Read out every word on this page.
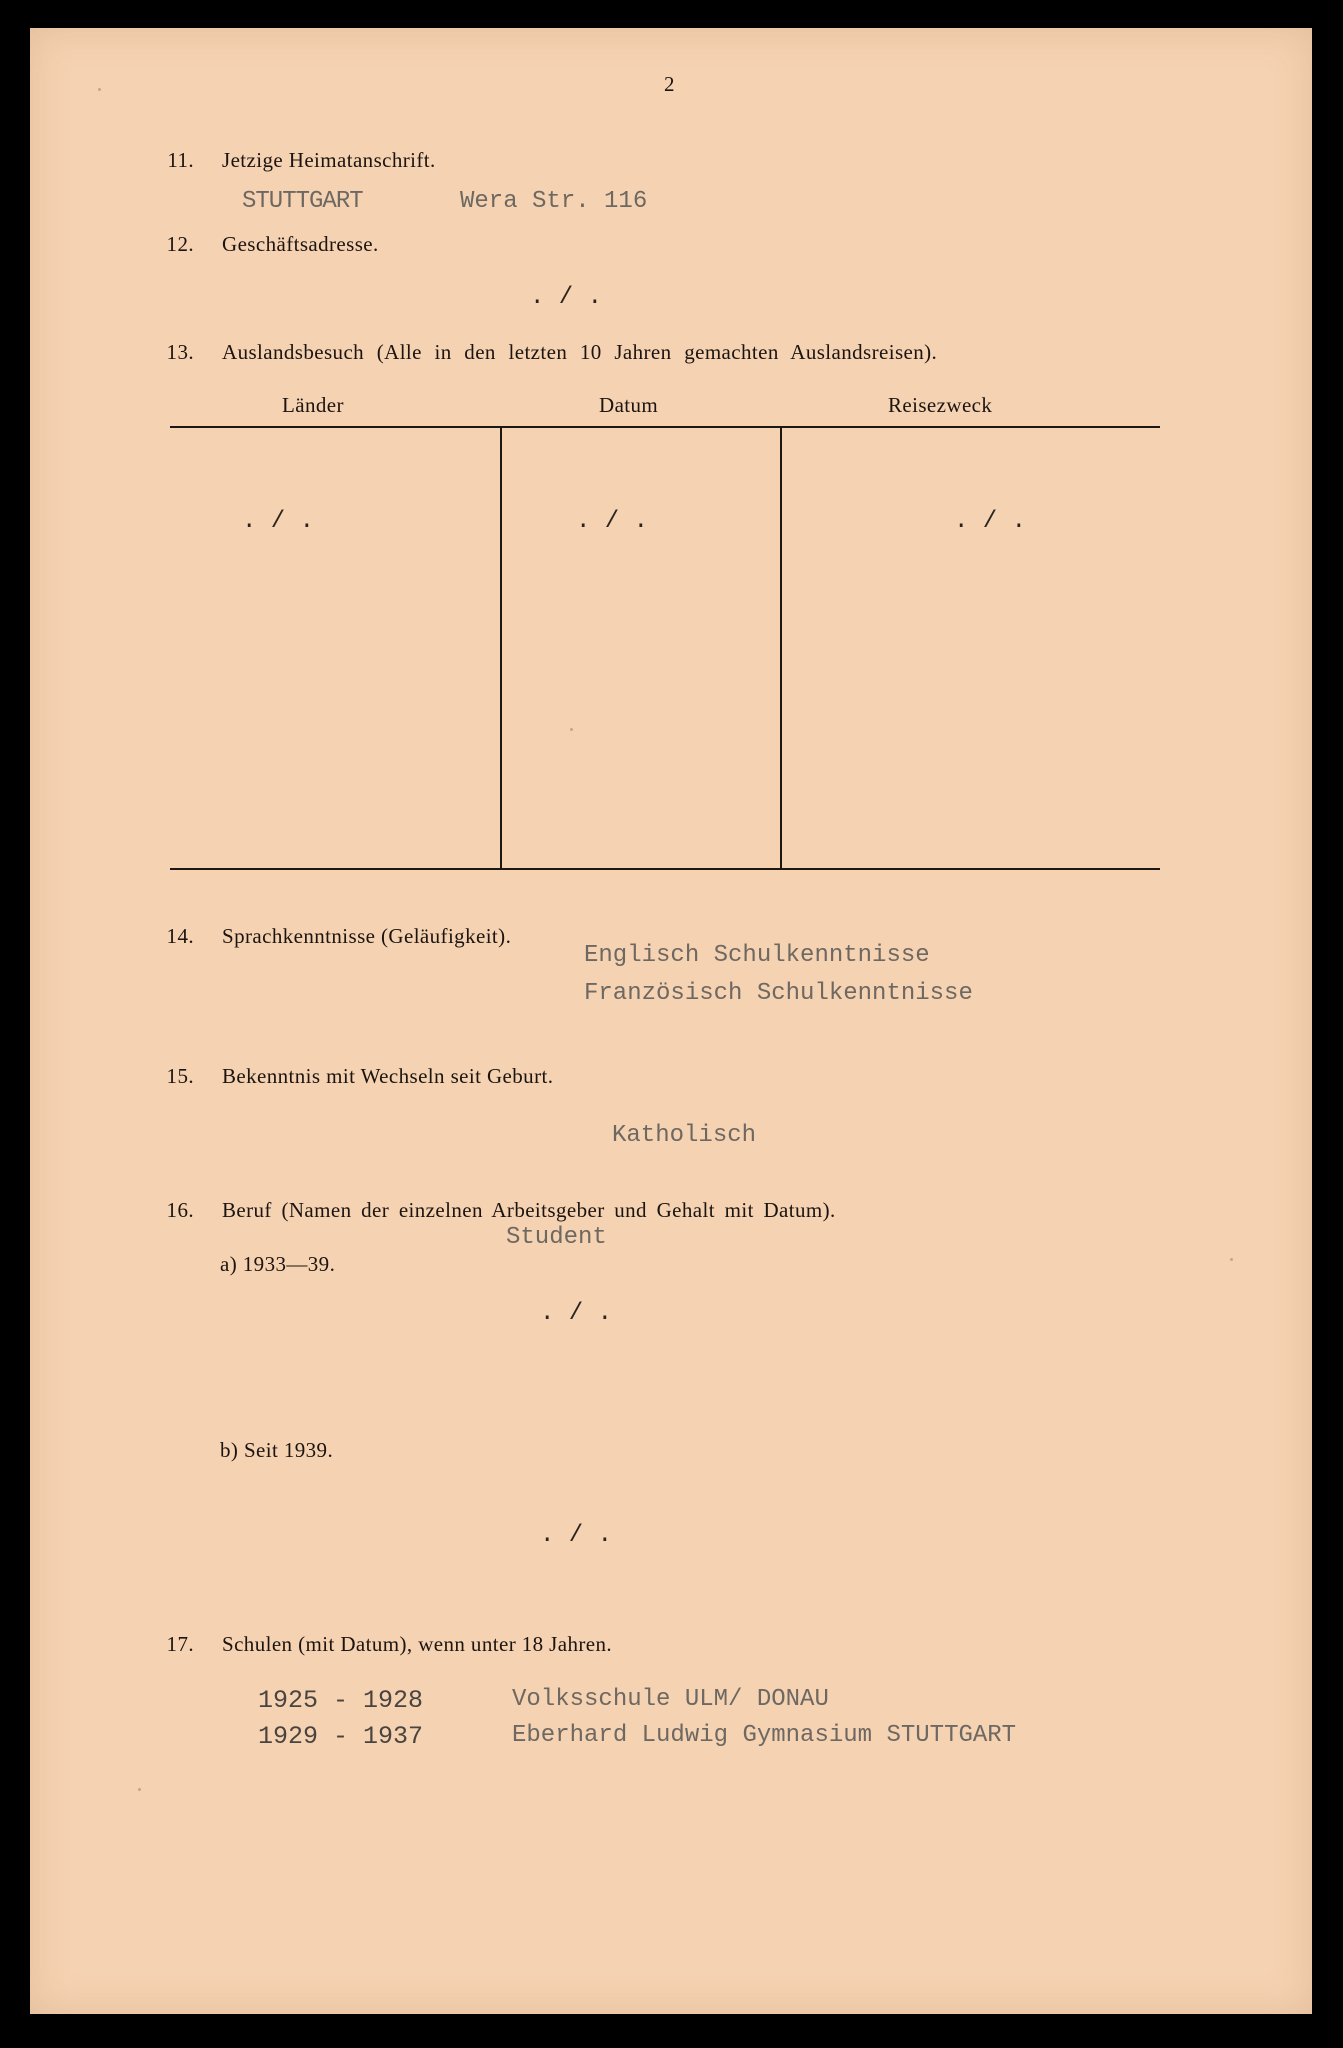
2
11. Jetzige Heimatanschrift.
STUTTGART	Wera Str. 116
12. Geschäftsadresse.
. / .
13. Auslandsbesuch (Alle in den letzten 10 Jahren gemachten Auslandsreisen).
Länder	Datum	Reisezweck
. / .	. / .	. / .
14. Sprachkenntnisse (Geläufigkeit).
Englisch Schulkenntnisse
Französisch Schulkenntnisse
15. Bekenntnis mit Wechseln seit Geburt.
Katholisch
16. Beruf (Namen der einzelnen Arbeitsgeber und Gehalt mit Datum).
Student
a) 1933—39.
. / .
b) Seit 1939.
. / .
17. Schulen (mit Datum), wenn unter 18 Jahren.
1925 - 1928	Volksschule ULM/ DONAU
1929 - 1937	Eberhard Ludwig Gymnasium STUTTGART
